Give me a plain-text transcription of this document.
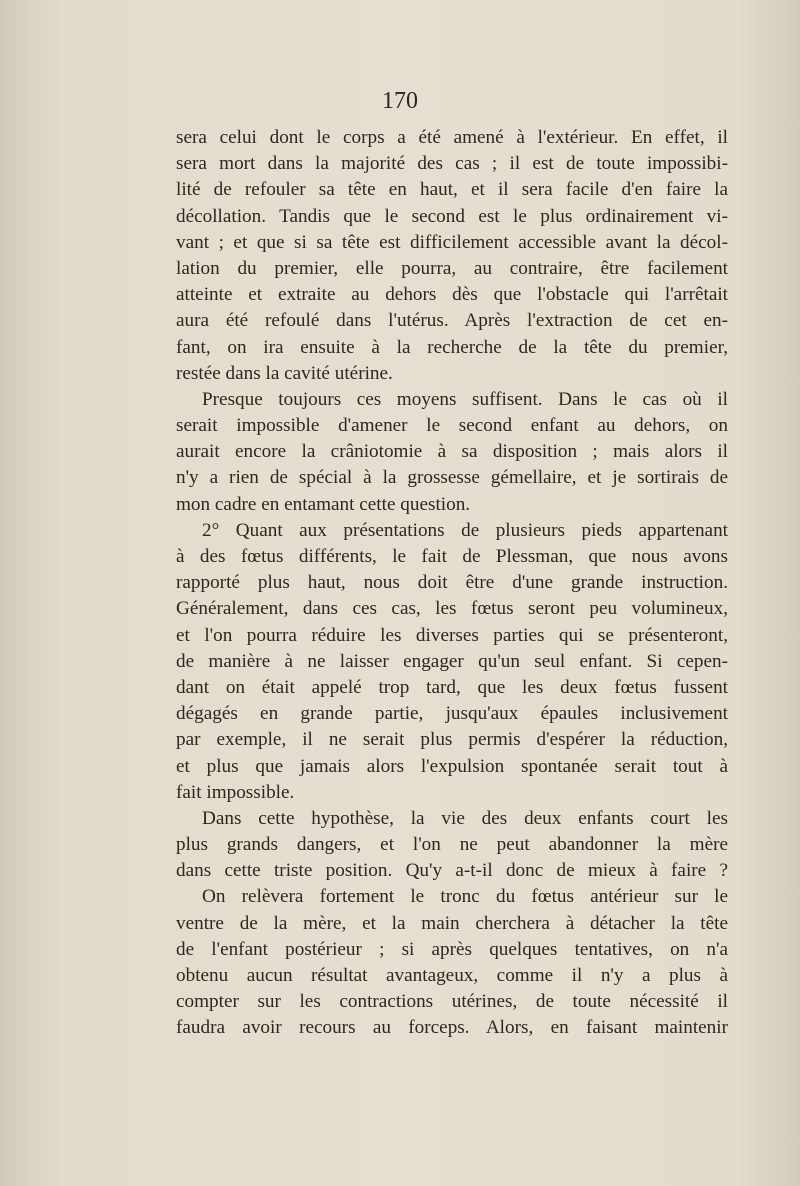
170
sera celui dont le corps a été amené à l'extérieur. En effet, il
sera mort dans la majorité des cas ; il est de toute impossibi-
lité de refouler sa tête en haut, et il sera facile d'en faire la
décollation. Tandis que le second est le plus ordinairement vi-
vant ; et que si sa tête est difficilement accessible avant la décol-
lation du premier, elle pourra, au contraire, être facilement
atteinte et extraite au dehors dès que l'obstacle qui l'arrêtait
aura été refoulé dans l'utérus. Après l'extraction de cet en-
fant, on ira ensuite à la recherche de la tête du premier,
restée dans la cavité utérine.
Presque toujours ces moyens suffisent. Dans le cas où il
serait impossible d'amener le second enfant au dehors, on
aurait encore la crâniotomie à sa disposition ; mais alors il
n'y a rien de spécial à la grossesse gémellaire, et je sortirais de
mon cadre en entamant cette question.
2° Quant aux présentations de plusieurs pieds appartenant
à des fœtus différents, le fait de Plessman, que nous avons
rapporté plus haut, nous doit être d'une grande instruction.
Généralement, dans ces cas, les fœtus seront peu volumineux,
et l'on pourra réduire les diverses parties qui se présenteront,
de manière à ne laisser engager qu'un seul enfant. Si cepen-
dant on était appelé trop tard, que les deux fœtus fussent
dégagés en grande partie, jusqu'aux épaules inclusivement
par exemple, il ne serait plus permis d'espérer la réduction,
et plus que jamais alors l'expulsion spontanée serait tout à
fait impossible.
Dans cette hypothèse, la vie des deux enfants court les
plus grands dangers, et l'on ne peut abandonner la mère
dans cette triste position. Qu'y a-t-il donc de mieux à faire ?
On relèvera fortement le tronc du fœtus antérieur sur le
ventre de la mère, et la main cherchera à détacher la tête
de l'enfant postérieur ; si après quelques tentatives, on n'a
obtenu aucun résultat avantageux, comme il n'y a plus à
compter sur les contractions utérines, de toute nécessité il
faudra avoir recours au forceps. Alors, en faisant maintenir
